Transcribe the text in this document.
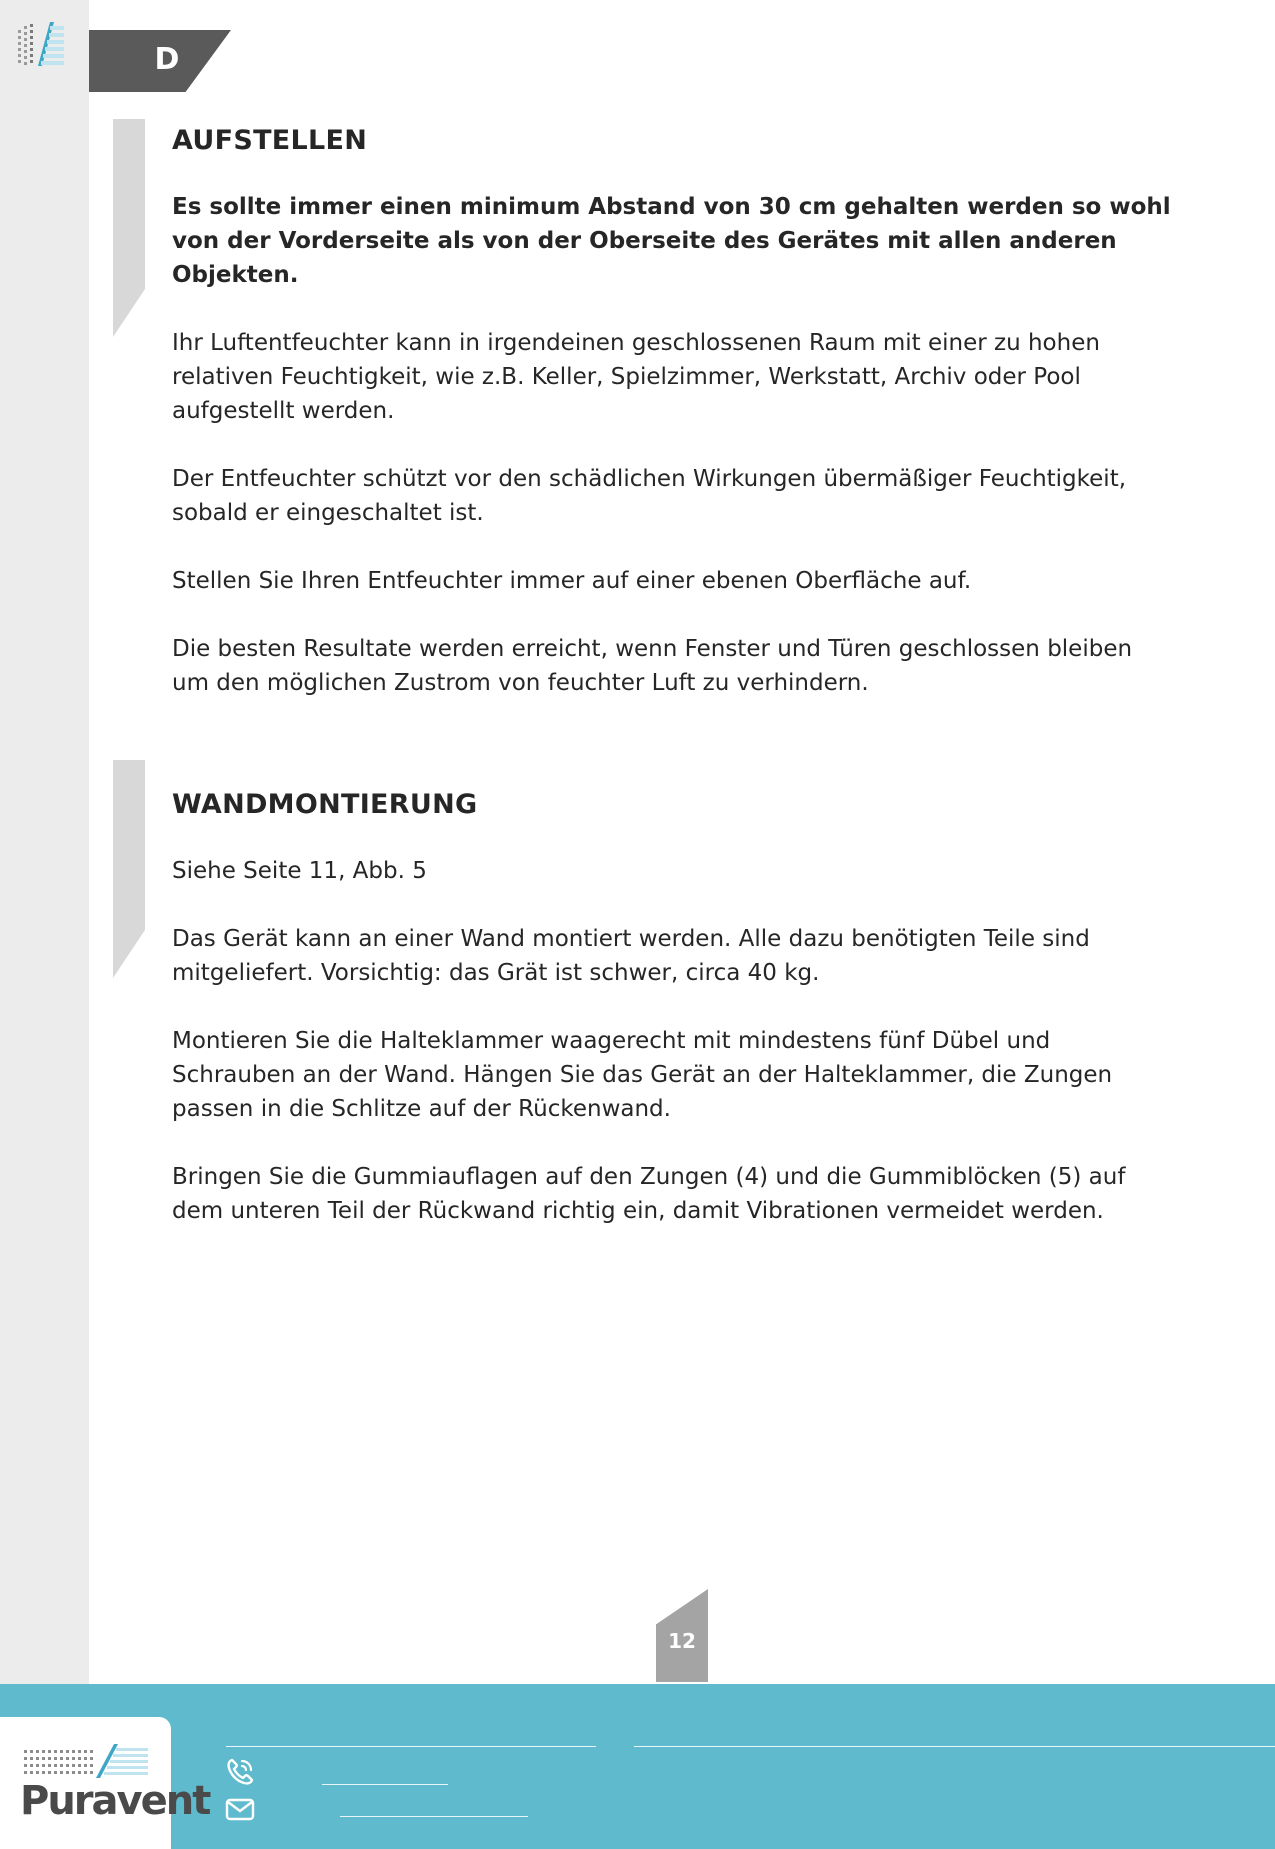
D
AUFSTELLEN

Es sollte immer einen minimum Abstand von 30 cm gehalten werden so wohl von der Vorderseite als von der Oberseite des Gerätes mit allen anderen Objekten.

Ihr Luftentfeuchter kann in irgendeinen geschlossenen Raum mit einer zu hohen relativen Feuchtigkeit, wie z.B. Keller, Spielzimmer, Werkstatt, Archiv oder Pool aufgestellt werden.

Der Entfeuchter schützt vor den schädlichen Wirkungen übermäßiger Feuchtigkeit, sobald er eingeschaltet ist.

Stellen Sie Ihren Entfeuchter immer auf einer ebenen Oberfläche auf.

Die besten Resultate werden erreicht, wenn Fenster und Türen geschlossen bleiben um den möglichen Zustrom von feuchter Luft zu verhindern.

WANDMONTIERUNG

Siehe Seite 11, Abb. 5

Das Gerät kann an einer Wand montiert werden. Alle dazu benötigten Teile sind mitgeliefert. Vorsichtig: das Grät ist schwer, circa 40 kg.

Montieren Sie die Halteklammer waagerecht mit mindestens fünf Dübel und Schrauben an der Wand. Hängen Sie das Gerät an der Halteklammer, die Zungen passen in die Schlitze auf der Rückenwand.

Bringen Sie die Gummiauflagen auf den Zungen (4) und die Gummiblöcken (5) auf dem unteren Teil der Rückwand richtig ein, damit Vibrationen vermeidet werden.

12
Puravent
